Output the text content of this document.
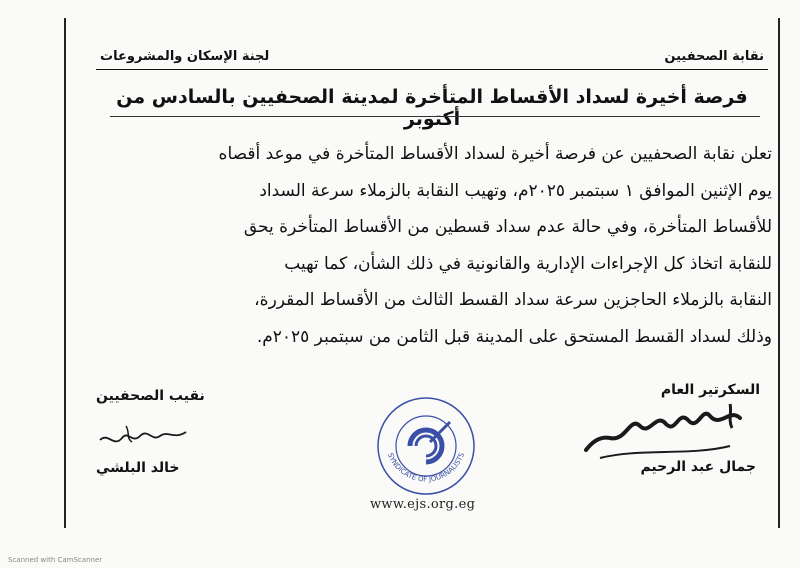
نقابة الصحفيين
لجنة الإسكان والمشروعات
فرصة أخيرة لسداد الأقساط المتأخرة لمدينة الصحفيين بالسادس من أكتوبر

تعلن نقابة الصحفيين عن فرصة أخيرة لسداد الأقساط المتأخرة في موعد أقصاه

يوم الإثنين الموافق ١ سبتمبر ٢٠٢٥م، وتهيب النقابة بالزملاء سرعة السداد

للأقساط المتأخرة، وفي حالة عدم سداد قسطين من الأقساط المتأخرة يحق

للنقابة اتخاذ كل الإجراءات الإدارية والقانونية في ذلك الشأن، كما تهيب

النقابة بالزملاء الحاجزين سرعة سداد القسط الثالث من الأقساط المقررة،

وذلك لسداد القسط المستحق على المدينة قبل الثامن من سبتمبر ٢٠٢٥م.

السكرتير العام
جمال عبد الرحيم
نقيب الصحفيين
خالد البلشي
SYNDICATE OF JOURNALISTS
www.ejs.org.eg
Scanned with CamScanner
